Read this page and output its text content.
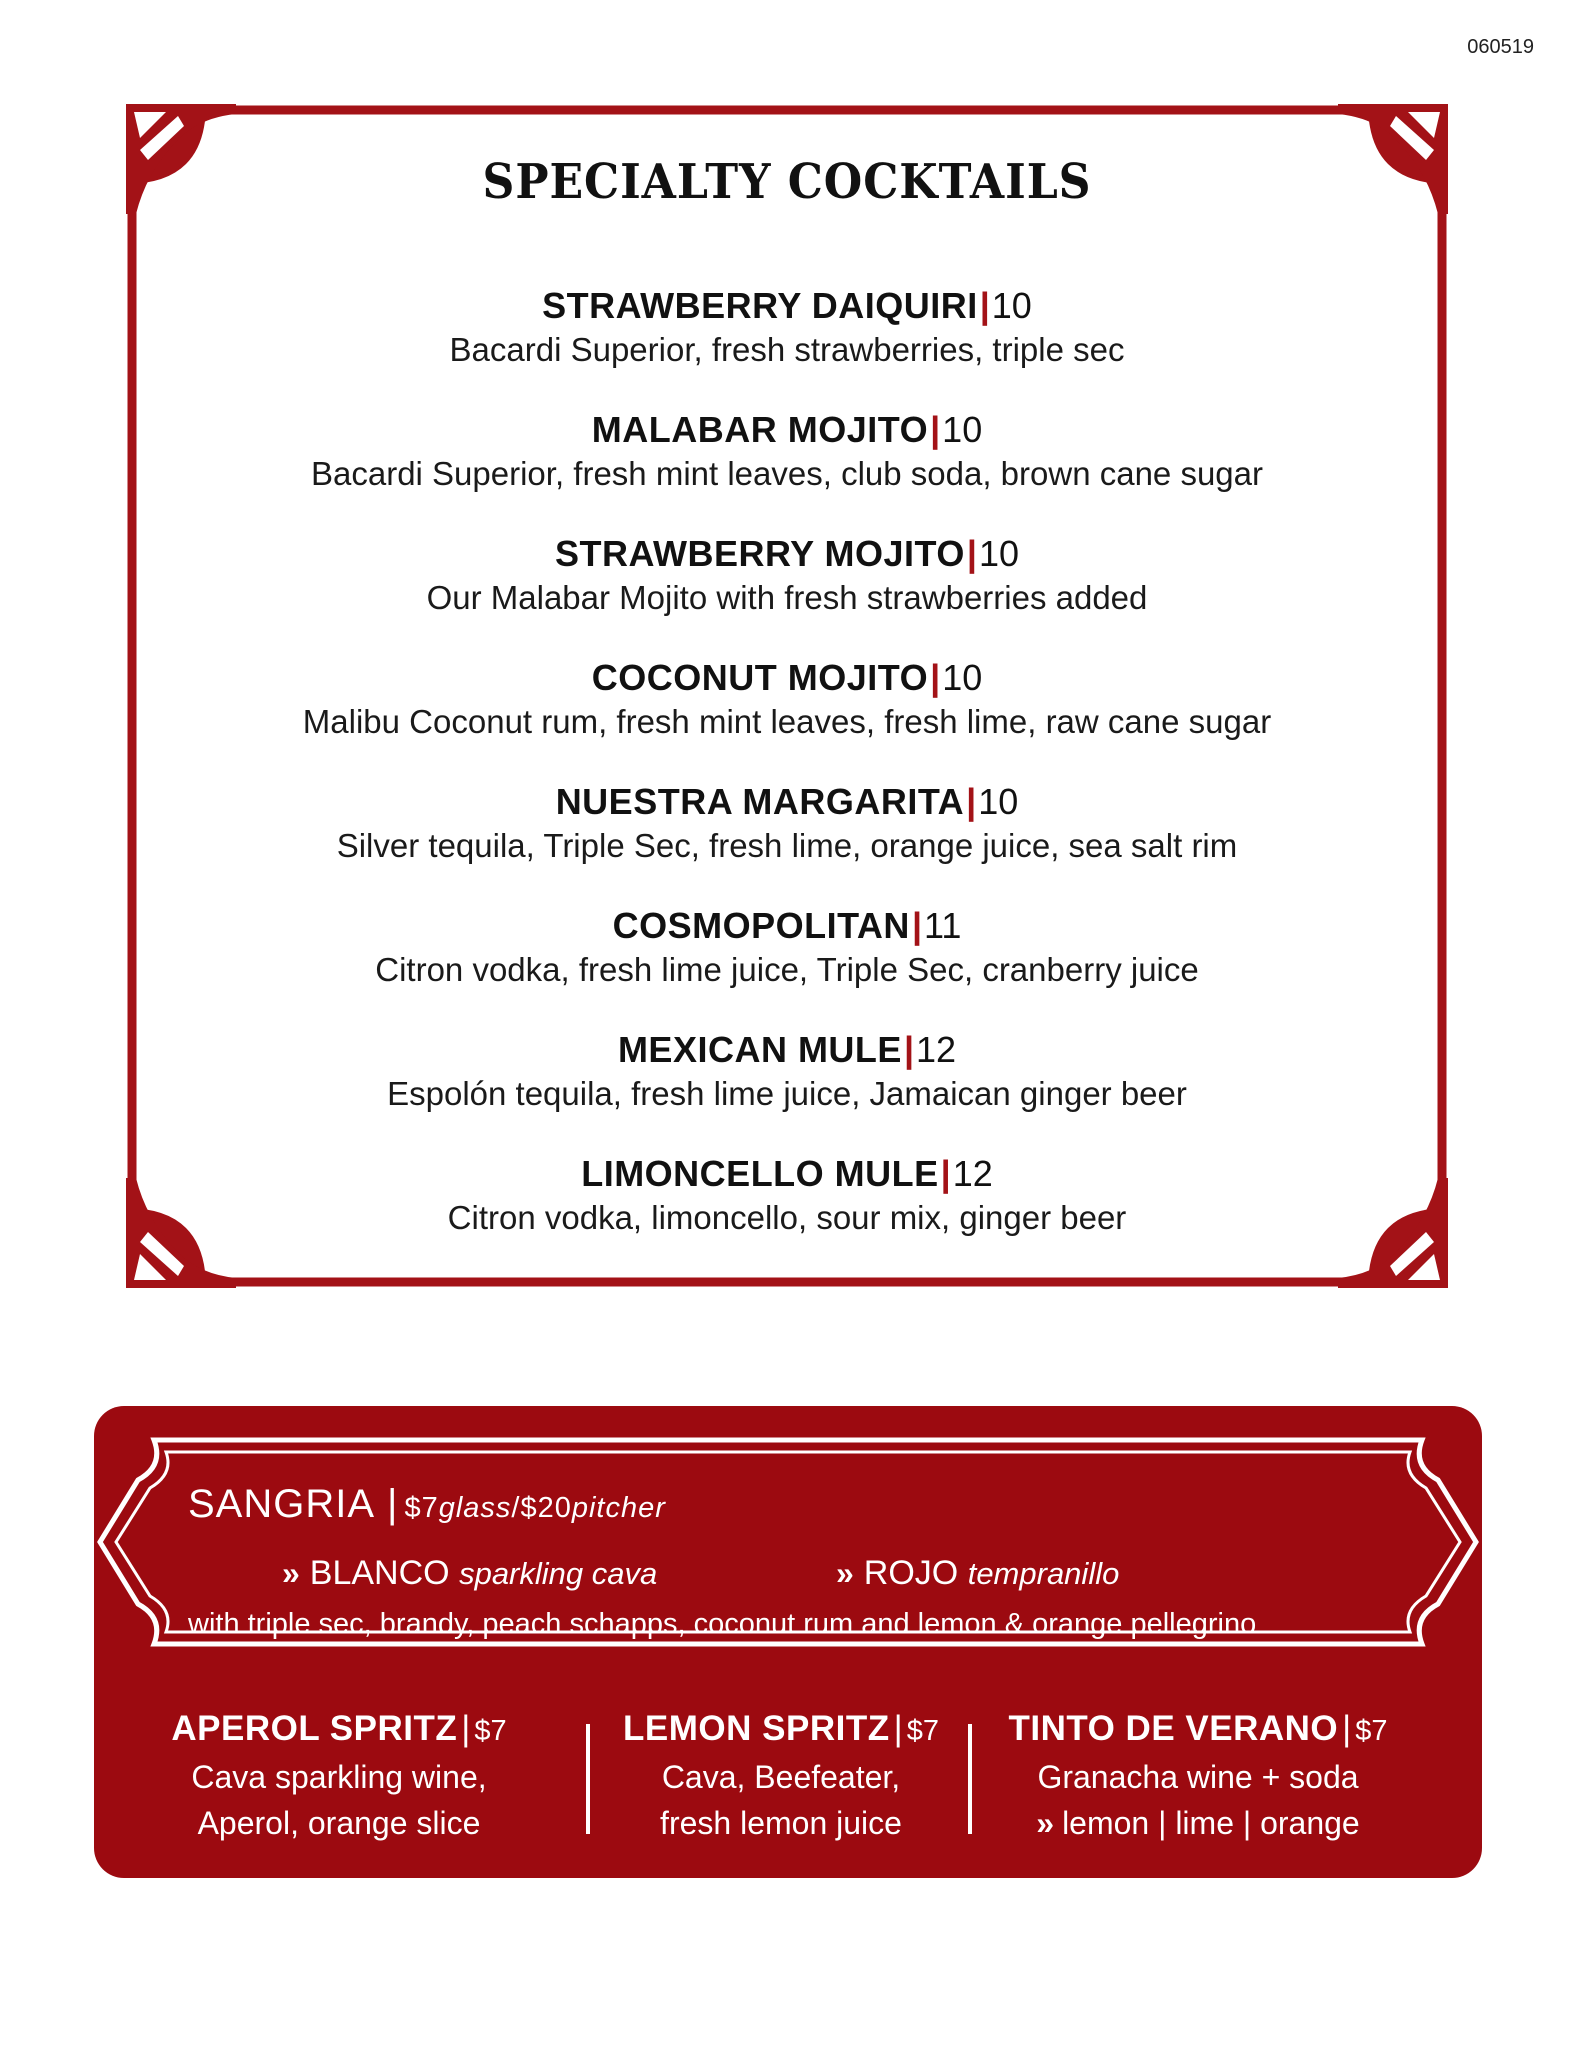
060519
SPECIALTY COCKTAILS
STRAWBERRY DAIQUIRI|10
Bacardi Superior, fresh strawberries, triple sec
MALABAR MOJITO|10
Bacardi Superior, fresh mint leaves, club soda, brown cane sugar
STRAWBERRY MOJITO|10
Our Malabar Mojito with fresh strawberries added
COCONUT MOJITO|10
Malibu Coconut rum, fresh mint leaves, fresh lime, raw cane sugar
NUESTRA MARGARITA|10
Silver tequila, Triple Sec, fresh lime, orange juice, sea salt rim
COSMOPOLITAN|11
Citron vodka, fresh lime juice, Triple Sec, cranberry juice
MEXICAN MULE|12
Espolón tequila, fresh lime juice, Jamaican ginger beer
LIMONCELLO MULE|12
Citron vodka, limoncello, sour mix, ginger beer
SANGRIA | $7glass/$20pitcher
» BLANCO sparkling cava	» ROJO tempranillo
with triple sec, brandy, peach schapps, coconut rum and lemon & orange pellegrino
APEROL SPRITZ | $7
Cava sparkling wine,
Aperol, orange slice
LEMON SPRITZ | $7
Cava, Beefeater,
fresh lemon juice
TINTO DE VERANO | $7
Granacha wine + soda
» lemon | lime | orange
